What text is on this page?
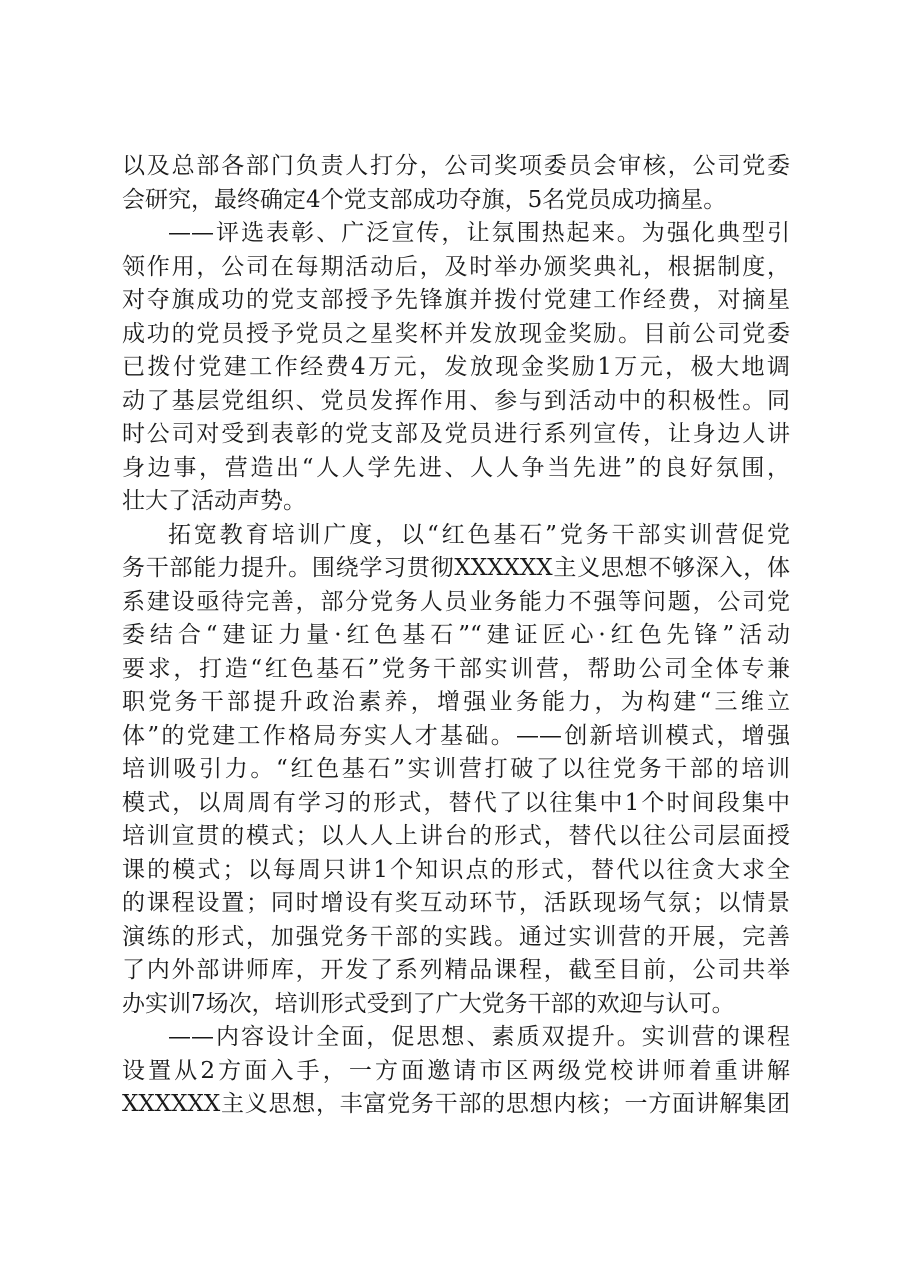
以及总部各部门负责人打分，公司奖项委员会审核，公司党委
会研究，最终确定4个党支部成功夺旗，5名党员成功摘星。
——评选表彰、广泛宣传，让氛围热起来。为强化典型引
领作用，公司在每期活动后，及时举办颁奖典礼，根据制度，
对夺旗成功的党支部授予先锋旗并拨付党建工作经费，对摘星
成功的党员授予党员之星奖杯并发放现金奖励。目前公司党委
已拨付党建工作经费4万元，发放现金奖励1万元，极大地调
动了基层党组织、党员发挥作用、参与到活动中的积极性。同
时公司对受到表彰的党支部及党员进行系列宣传，让身边人讲
身边事，营造出“人人学先进、人人争当先进”的良好氛围，
壮大了活动声势。
拓宽教育培训广度，以“红色基石”党务干部实训营促党
务干部能力提升。围绕学习贯彻XXXXXX主义思想不够深入，体
系建设亟待完善，部分党务人员业务能力不强等问题，公司党
委结合“建证力量·红色基石”“建证匠心·红色先锋”活动
要求，打造“红色基石”党务干部实训营，帮助公司全体专兼
职党务干部提升政治素养，增强业务能力，为构建“三维立
体”的党建工作格局夯实人才基础。——创新培训模式，增强
培训吸引力。“红色基石”实训营打破了以往党务干部的培训
模式，以周周有学习的形式，替代了以往集中1个时间段集中
培训宣贯的模式；以人人上讲台的形式，替代以往公司层面授
课的模式；以每周只讲1个知识点的形式，替代以往贪大求全
的课程设置；同时增设有奖互动环节，活跃现场气氛；以情景
演练的形式，加强党务干部的实践。通过实训营的开展，完善
了内外部讲师库，开发了系列精品课程，截至目前，公司共举
办实训7场次，培训形式受到了广大党务干部的欢迎与认可。
——内容设计全面，促思想、素质双提升。实训营的课程
设置从2方面入手，一方面邀请市区两级党校讲师着重讲解
XXXXXX主义思想，丰富党务干部的思想内核；一方面讲解集团
